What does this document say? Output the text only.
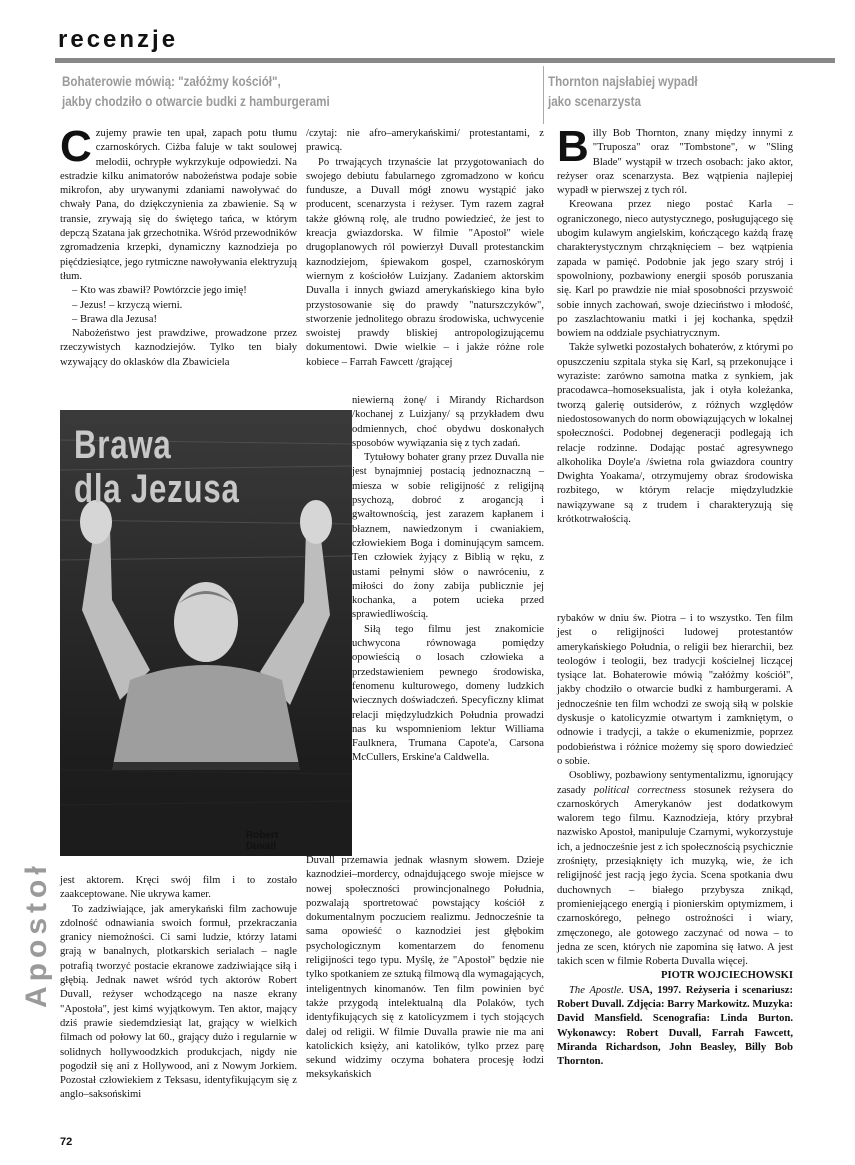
recenzje
Bohaterowie mówią: "załóżmy kościół",
jakby chodziło o otwarcie budki z hamburgerami
Thornton najsłabiej wypadł
jako scenarzysta

Czujemy prawie ten upał, zapach potu tłumu czarnoskórych. Ciżba faluje w takt soulowej melodii, ochrypłe wykrzykuje odpowiedzi. Na estradzie kilku animatorów nabożeństwa podaje sobie mikrofon, aby urywanymi zdaniami nawoływać do chwały Pana, do dziękczynienia za zbawienie. Są w transie, zrywają się do świętego tańca, w którym depczą Szatana jak grzechotnika. Wśród przewodników zgromadzenia krzepki, dynamiczny kaznodzieja po pięćdziesiątce, jego rytmiczne nawoływania elektryzują tłum.

– Kto was zbawił? Powtórzcie jego imię!

– Jezus! – krzyczą wierni.

– Brawa dla Jezusa!

Nabożeństwo jest prawdziwe, prowadzone przez rzeczywistych kaznodziejów. Tylko ten biały wzywający do oklasków dla Zbawiciela

Brawa
dla Jezusa
Robert
Duvall

jest aktorem. Kręci swój film i to zostało zaakceptowane. Nie ukrywa kamer.

To zadziwiające, jak amerykański film zachowuje zdolność odnawiania swoich formuł, przekraczania granicy niemożności. Ci sami ludzie, którzy latami grają w banalnych, plotkarskich serialach – nagle potrafią tworzyć postacie ekranowe zadziwiające siłą i głębią. Jednak nawet wśród tych aktorów Robert Duvall, reżyser wchodzącego na nasze ekrany "Apostoła", jest kimś wyjątkowym. Ten aktor, mający dziś prawie siedemdziesiąt lat, grający w wielkich filmach od połowy lat 60., grający dużo i regularnie w solidnych hollywoodzkich produkcjach, nigdy nie pogodził się ani z Hollywood, ani z Nowym Jorkiem. Pozostał człowiekiem z Teksasu, identyfikującym się z anglo–saksońskimi

/czytaj: nie afro–amerykańskimi/ protestantami, z prawicą.

Po trwających trzynaście lat przygotowaniach do swojego debiutu fabularnego zgromadzono w końcu fundusze, a Duvall mógł znowu wystąpić jako producent, scenarzysta i reżyser. Tym razem zagrał także główną rolę, ale trudno powiedzieć, że jest to kreacja gwiazdorska. W filmie "Apostoł" wiele drugoplanowych ról powierzył Duvall protestanckim kaznodziejom, śpiewakom gospel, czarnoskórym wiernym z kościołów Luizjany. Zadaniem aktorskim Duvalla i innych gwiazd amerykańskiego kina było przystosowanie się do prawdy "naturszczyków", stworzenie jednolitego obrazu środowiska, uchwycenie swoistej prawdy bliskiej antropologizującemu dokumentowi. Dwie wielkie – i jakże różne role kobiece – Farrah Fawcett /grającej

niewierną żonę/ i Mirandy Richardson /kochanej z Luizjany/ są przykładem dwu odmiennych, choć obydwu doskonałych sposobów wywiązania się z tych zadań.

Tytułowy bohater grany przez Duvalla nie jest bynajmniej postacią jednoznaczną – miesza w sobie religijność z religijną psychozą, dobroć z arogancją i gwałtownością, jest zarazem kapłanem i błaznem, nawiedzonym i cwaniakiem, człowiekiem Boga i dominującym samcem. Ten człowiek żyjący z Biblią w ręku, z ustami pełnymi słów o nawróceniu, z miłości do żony zabija publicznie jej kochanka, a potem ucieka przed sprawiedliwością.

Siłą tego filmu jest znakomicie uchwycona równowaga pomiędzy opowieścią o losach człowieka a przedstawieniem pewnego środowiska, fenomenu kulturowego, domeny ludzkich wiecznych doświadczeń. Specyficzny klimat relacji międzyludzkich Południa prowadzi nas ku wspomnieniom lektur Williama Faulknera, Trumana Capote'a, Carsona McCullers, Erskine'a Caldwella.

Duvall przemawia jednak własnym słowem. Dzieje kaznodziei–mordercy, odnajdującego swoje miejsce w nowej społeczności prowincjonalnego Południa, pozwalają sportretować powstający kościół z dokumentalnym poczuciem realizmu. Jednocześnie ta sama opowieść o kaznodziei jest głębokim psychologicznym komentarzem do fenomenu religijności tego typu. Myślę, że "Apostoł" będzie nie tylko spotkaniem ze sztuką filmową dla wymagających, inteligentnych kinomanów. Ten film powinien być także przygodą intelektualną dla Polaków, tych identyfikujących się z katolicyzmem i tych stojących dalej od religii. W filmie Duvalla prawie nie ma ani katolickich księży, ani katolików, tylko przez parę sekund widzimy oczyma bohatera procesję łodzi meksykańskich

Billy Bob Thornton, znany między innymi z "Truposza" oraz "Tombstone", w "Sling Blade" wystąpił w trzech osobach: jako aktor, reżyser oraz scenarzysta. Bez wątpienia najlepiej wypadł w pierwszej z tych ról.

Kreowana przez niego postać Karla – ograniczonego, nieco autystycznego, posługującego się ubogim kulawym angielskim, kończącego każdą frazę charakterystycznym chrząknięciem – bez wątpienia zapada w pamięć. Podobnie jak jego szary strój i spowolniony, pozbawiony energii sposób poruszania się. Karl po prawdzie nie miał sposobności przyswoić sobie innych zachowań, swoje dzieciństwo i młodość, po zaszlachtowaniu matki i jej kochanka, spędził bowiem na oddziale psychiatrycznym.

Także sylwetki pozostałych bohaterów, z którymi po opuszczeniu szpitala styka się Karl, są przekonujące i wyraziste: zarówno samotna matka z synkiem, jak pracodawca–homoseksualista, jak i otyła koleżanka, tworzą galerię outsiderów, z różnych względów niedostosowanych do norm obowiązujących w lokalnej społeczności. Podobnej degeneracji podlegają ich relacje rodzinne. Dodając postać agresywnego alkoholika Doyle'a /świetna rola gwiazdora country Dwighta Yoakama/, otrzymujemy obraz środowiska rozbitego, w którym relacje międzyludzkie nawiązywane są z trudem i charakteryzują się krótkotrwałością.

rybaków w dniu św. Piotra – i to wszystko. Ten film jest o religijności ludowej protestantów amerykańskiego Południa, o religii bez hierarchii, bez teologów i teologii, bez tradycji kościelnej liczącej tysiące lat. Bohaterowie mówią "załóżmy kościół", jakby chodziło o otwarcie budki z hamburgerami. A jednocześnie ten film wchodzi ze swoją siłą w polskie dyskusje o katolicyzmie otwartym i zamkniętym, o odnowie i tradycji, a także o ekumenizmie, poprzez podobieństwa i różnice możemy się sporo dowiedzieć o sobie.

Osobliwy, pozbawiony sentymentalizmu, ignorujący zasady political correctness stosunek reżysera do czarnoskórych Amerykanów jest dodatkowym walorem tego filmu. Kaznodzieja, który przybrał nazwisko Apostoł, manipuluje Czarnymi, wykorzystuje ich, a jednocześnie jest z ich społecznością psychicznie zrośnięty, przesiąknięty ich muzyką, wie, że ich religijność jest racją jego życia. Scena spotkania dwu duchownych – białego przybysza znikąd, promieniejącego energią i pionierskim optymizmem, i czarnoskórego, pełnego ostrożności i wiary, zmęczonego, ale gotowego zaczynać od nowa – to jedna ze scen, których nie zapomina się łatwo. A jest takich scen w filmie Roberta Duvalla więcej.

PIOTR WOJCIECHOWSKI

The Apostle. USA, 1997. Reżyseria i scenariusz: Robert Duvall. Zdjęcia: Barry Markowitz. Muzyka: David Mansfield. Scenografia: Linda Burton. Wykonawcy: Robert Duvall, Farrah Fawcett, Miranda Richardson, John Beasley, Billy Bob Thornton.

Apostoł
72
